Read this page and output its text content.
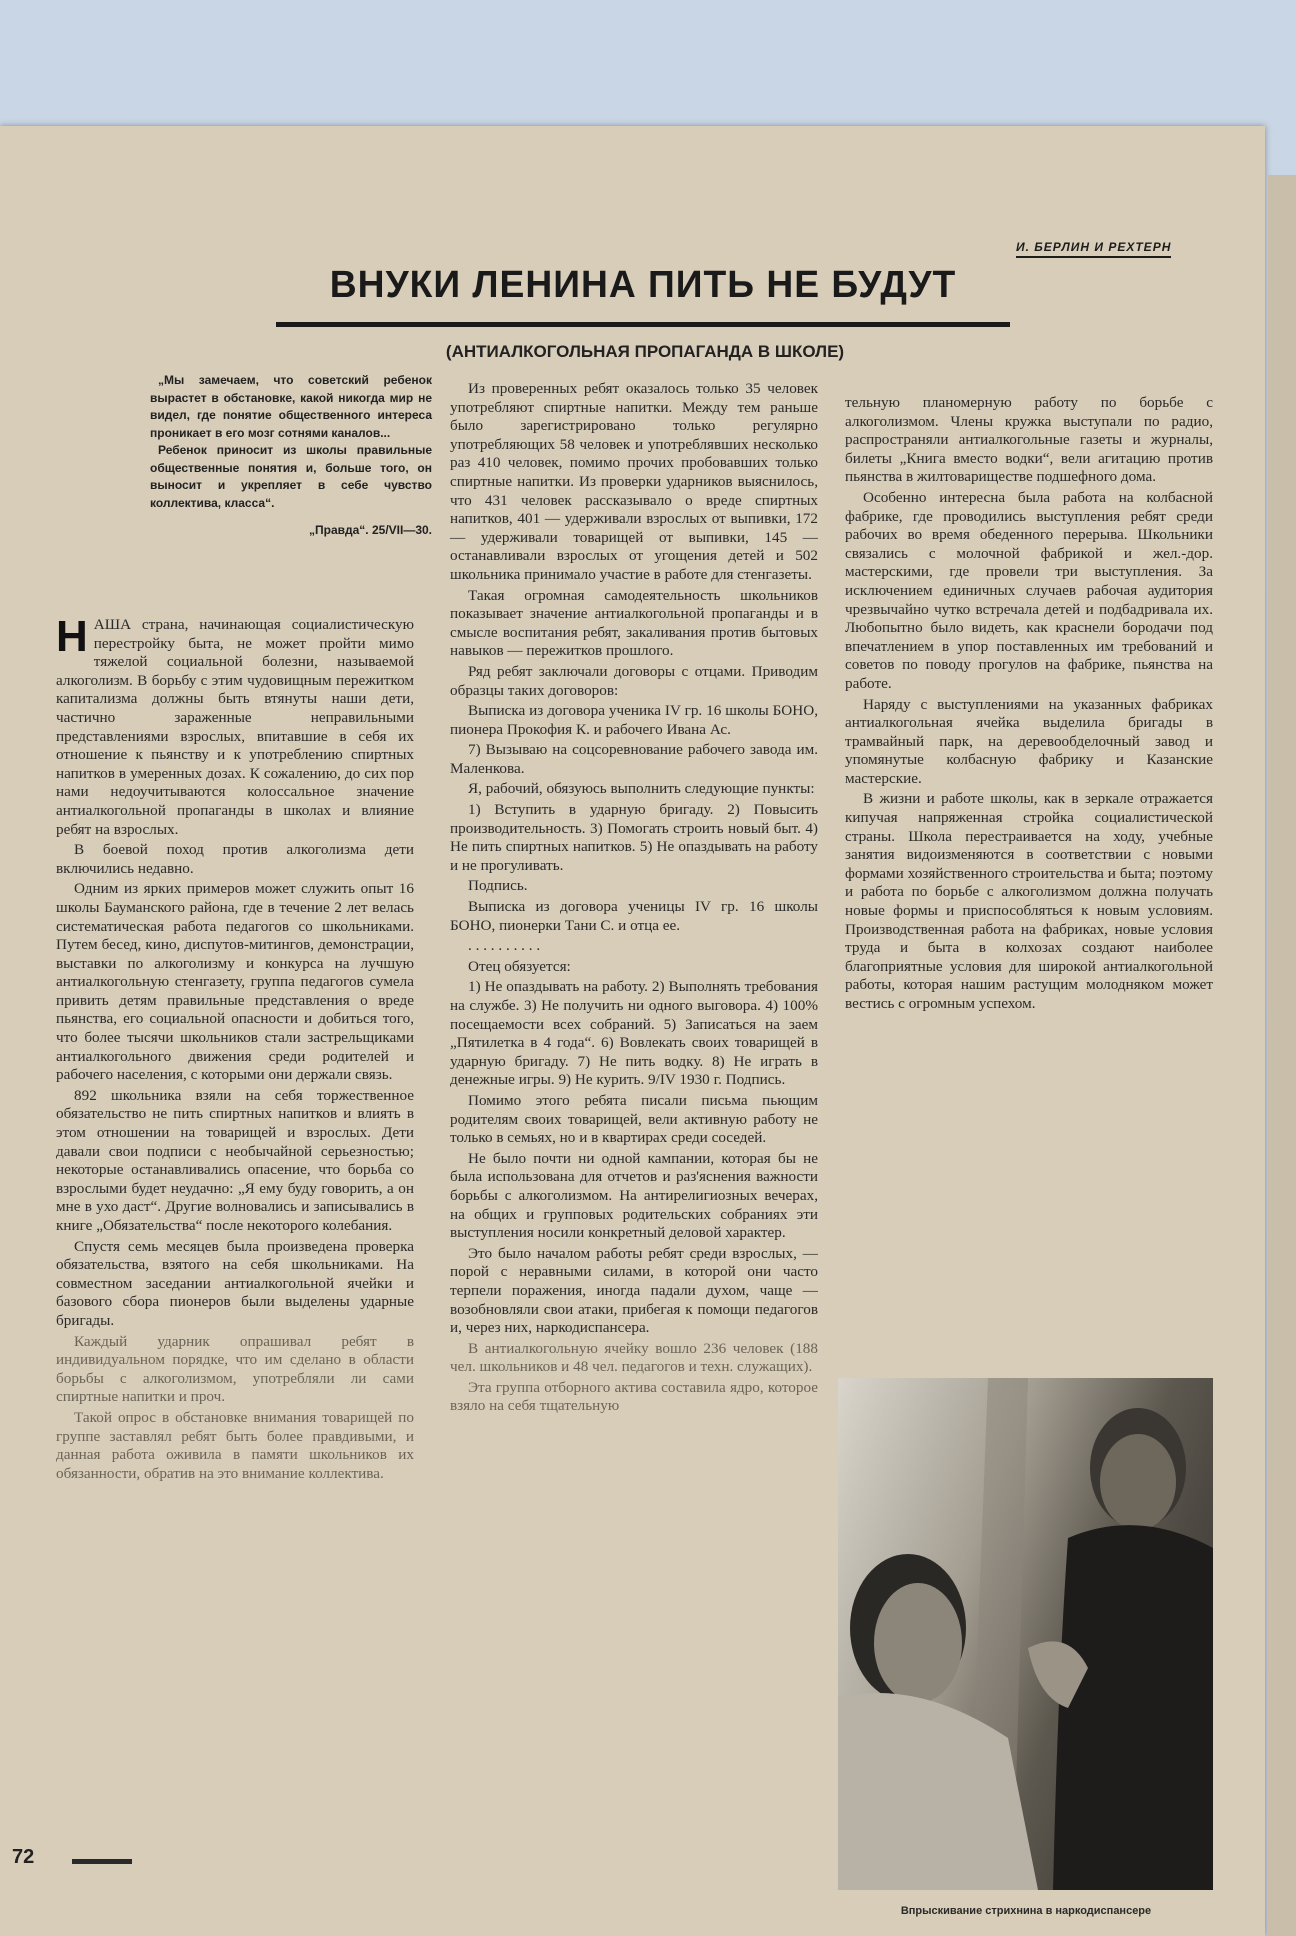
И. БЕРЛИН И РЕХТЕРН
ВНУКИ ЛЕНИНА ПИТЬ НЕ БУДУТ
(АНТИАЛКОГОЛЬНАЯ ПРОПАГАНДА В ШКОЛЕ)

„Мы замечаем, что советский ребенок вырастет в обстановке, какой никогда мир не видел, где понятие общественного интереса проникает в его мозг сотнями каналов...

Ребенок приносит из школы правильные общественные понятия и, больше того, он выносит и укрепляет в себе чувство коллектива, класса“.

„Правда“. 25/VII—30.

НАША страна, начинающая социалистическую перестройку быта, не может пройти мимо тяжелой социальной болезни, называемой алкоголизм. В борьбу с этим чудовищным пережитком капитализма должны быть втянуты наши дети, частично зараженные неправильными представлениями взрослых, впитавшие в себя их отношение к пьянству и к употреблению спиртных напитков в умеренных дозах. К сожалению, до сих пор нами недоучитываются колоссальное значение антиалкогольной пропаганды в школах и влияние ребят на взрослых.

В боевой поход против алкоголизма дети включились недавно.

Одним из ярких примеров может служить опыт 16 школы Бауманского района, где в течение 2 лет велась систематическая работа педагогов со школьниками. Путем бесед, кино, диспутов-митингов, демонстрации, выставки по алкоголизму и конкурса на лучшую антиалкогольную стенгазету, группа педагогов сумела привить детям правильные представления о вреде пьянства, его социальной опасности и добиться того, что более тысячи школьников стали застрельщиками антиалкогольного движения среди родителей и рабочего населения, с которыми они держали связь.

892 школьника взяли на себя торжественное обязательство не пить спиртных напитков и влиять в этом отношении на товарищей и взрослых. Дети давали свои подписи с необычайной серьезностью; некоторые останавливались опасение, что борьба со взрослыми будет неудачно: „Я ему буду говорить, а он мне в ухо даст“. Другие волновались и записывались в книге „Обязательства“ после некоторого колебания.

Спустя семь месяцев была произведена проверка обязательства, взятого на себя школьниками. На совместном заседании антиалкогольной ячейки и базового сбора пионеров были выделены ударные бригады.

Каждый ударник опрашивал ребят в индивидуальном порядке, что им сделано в области борьбы с алкоголизмом, употребляли ли сами спиртные напитки и проч.

Такой опрос в обстановке внимания товарищей по группе заставлял ребят быть более правдивыми, и данная работа оживила в памяти школьников их обязанности, обратив на это внимание коллектива.

Из проверенных ребят оказалось только 35 человек употребляют спиртные напитки. Между тем раньше было зарегистрировано только регулярно употребляющих 58 человек и употреблявших несколько раз 410 человек, помимо прочих пробовавших только спиртные напитки. Из проверки ударников выяснилось, что 431 человек рассказывало о вреде спиртных напитков, 401 — удерживали взрослых от выпивки, 172 — удерживали товарищей от выпивки, 145 — останавливали взрослых от угощения детей и 502 школьника принимало участие в работе для стенгазеты.

Такая огромная самодеятельность школьников показывает значение антиалкогольной пропаганды и в смысле воспитания ребят, закаливания против бытовых навыков — пережитков прошлого.

Ряд ребят заключали договоры с отцами. Приводим образцы таких договоров:

Выписка из договора ученика IV гр. 16 школы БОНО, пионера Прокофия К. и рабочего Ивана Ас.

7) Вызываю на соцсоревнование рабочего завода им. Маленкова.

Я, рабочий, обязуюсь выполнить следующие пункты:

1) Вступить в ударную бригаду. 2) Повысить производительность. 3) Помогать строить новый быт. 4) Не пить спиртных напитков. 5) Не опаздывать на работу и не прогуливать.

Подпись.

Выписка из договора ученицы IV гр. 16 школы БОНО, пионерки Тани С. и отца ее.

. . . . . . . . . .

Отец обязуется:

1) Не опаздывать на работу. 2) Выполнять требования на службе. 3) Не получить ни одного выговора. 4) 100% посещаемости всех собраний. 5) Записаться на заем „Пятилетка в 4 года“. 6) Вовлекать своих товарищей в ударную бригаду. 7) Не пить водку. 8) Не играть в денежные игры. 9) Не курить. 9/IV 1930 г. Подпись.

Помимо этого ребята писали письма пьющим родителям своих товарищей, вели активную работу не только в семьях, но и в квартирах среди соседей.

Не было почти ни одной кампании, которая бы не была использована для отчетов и раз'яснения важности борьбы с алкоголизмом. На антирелигиозных вечерах, на общих и групповых родительских собраниях эти выступления носили конкретный деловой характер.

Это было началом работы ребят среди взрослых, — порой с неравными силами, в которой они часто терпели поражения, иногда падали духом, чаще — возобновляли свои атаки, прибегая к помощи педагогов и, через них, наркодиспансера.

В антиалкогольную ячейку вошло 236 человек (188 чел. школьников и 48 чел. педагогов и техн. служащих).

Эта группа отборного актива составила ядро, которое взяло на себя тщательную

тельную планомерную работу по борьбе с алкоголизмом. Члены кружка выступали по радио, распространяли антиалкогольные газеты и журналы, билеты „Книга вместо водки“, вели агитацию против пьянства в жилтовариществе подшефного дома.

Особенно интересна была работа на колбасной фабрике, где проводились выступления ребят среди рабочих во время обеденного перерыва. Школьники связались с молочной фабрикой и жел.-дор. мастерскими, где провели три выступления. За исключением единичных случаев рабочая аудитория чрезвычайно чутко встречала детей и подбадривала их. Любопытно было видеть, как краснели бородачи под впечатлением в упор поставленных им требований и советов по поводу прогулов на фабрике, пьянства на работе.

Наряду с выступлениями на указанных фабриках антиалкогольная ячейка выделила бригады в трамвайный парк, на деревообделочный завод и упомянутые колбасную фабрику и Казанские мастерские.

В жизни и работе школы, как в зеркале отражается кипучая напряженная стройка социалистической страны. Школа перестраивается на ходу, учебные занятия видоизменяются в соответствии с новыми формами хозяйственного строительства и быта; поэтому и работа по борьбе с алкоголизмом должна получать новые формы и приспособляться к новым условиям. Производственная работа на фабриках, новые условия труда и быта в колхозах создают наиболее благоприятные условия для широкой антиалкогольной работы, которая нашим растущим молодняком может вестись с огромным успехом.

Впрыскивание стрихнина в наркодиспансере
72
